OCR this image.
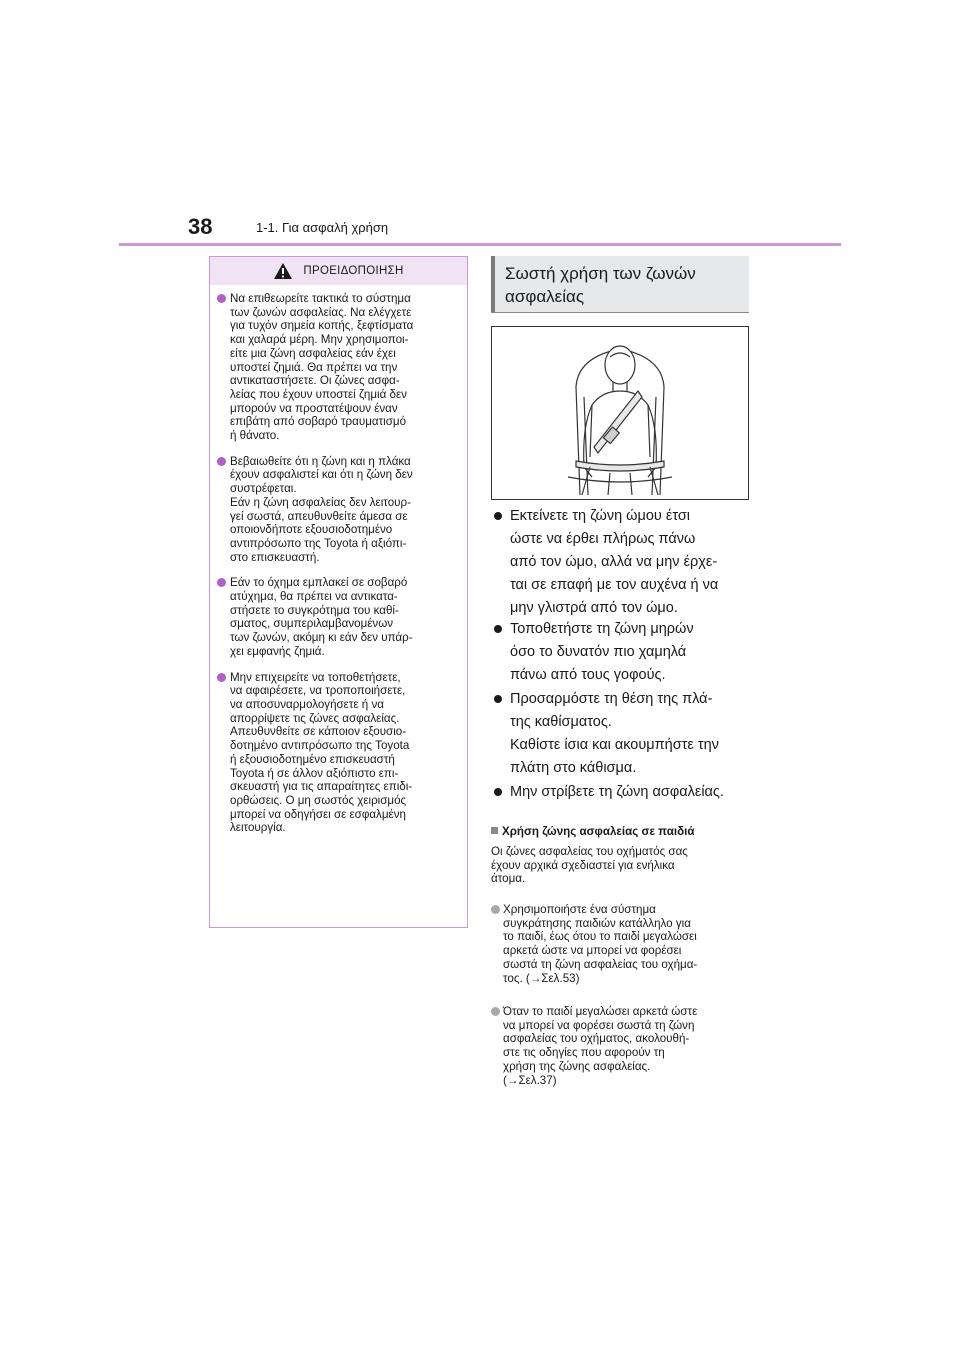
38	1-1. Για ασφαλή χρήση
ΠΡΟΕΙΔΟΠΟΙΗΣΗ
Να επιθεωρείτε τακτικά το σύστημα
των ζωνών ασφαλείας. Να ελέγχετε
για τυχόν σημεία κοπής, ξεφτίσματα
και χαλαρά μέρη. Μην χρησιμοποι-
είτε μια ζώνη ασφαλείας εάν έχει
υποστεί ζημιά. Θα πρέπει να την
αντικαταστήσετε. Οι ζώνες ασφα-
λείας που έχουν υποστεί ζημιά δεν
μπορούν να προστατέψουν έναν
επιβάτη από σοβαρό τραυματισμό
ή θάνατο.
Βεβαιωθείτε ότι η ζώνη και η πλάκα
έχουν ασφαλιστεί και ότι η ζώνη δεν
συστρέφεται.
Εάν η ζώνη ασφαλείας δεν λειτουρ-
γεί σωστά, απευθυνθείτε άμεσα σε
οποιονδήποτε εξουσιοδοτημένο
αντιπρόσωπο της Toyota ή αξιόπι-
στο επισκευαστή.
Εάν το όχημα εμπλακεί σε σοβαρό
ατύχημα, θα πρέπει να αντικατα-
στήσετε το συγκρότημα του καθί-
σματος, συμπεριλαμβανομένων
των ζωνών, ακόμη κι εάν δεν υπάρ-
χει εμφανής ζημιά.
Μην επιχειρείτε να τοποθετήσετε,
να αφαιρέσετε, να τροποποιήσετε,
να αποσυναρμολογήσετε ή να
απορρίψετε τις ζώνες ασφαλείας.
Απευθυνθείτε σε κάποιον εξουσιο-
δοτημένο αντιπρόσωπο της Toyota
ή εξουσιοδοτημένο επισκευαστή
Toyota ή σε άλλον αξιόπιστο επι-
σκευαστή για τις απαραίτητες επιδι-
ορθώσεις. Ο μη σωστός χειρισμός
μπορεί να οδηγήσει σε εσφαλμένη
λειτουργία.
Σωστή χρήση των ζωνών
ασφαλείας
Εκτείνετε τη ζώνη ώμου έτσι
ώστε να έρθει πλήρως πάνω
από τον ώμο, αλλά να μην έρχε-
ται σε επαφή με τον αυχένα ή να
μην γλιστρά από τον ώμο.
Τοποθετήστε τη ζώνη μηρών
όσο το δυνατόν πιο χαμηλά
πάνω από τους γοφούς.
Προσαρμόστε τη θέση της πλά-
της καθίσματος.
Καθίστε ίσια και ακουμπήστε την
πλάτη στο κάθισμα.
Μην στρίβετε τη ζώνη ασφαλείας.
Χρήση ζώνης ασφαλείας σε παιδιά
Οι ζώνες ασφαλείας του οχήματός σας
έχουν αρχικά σχεδιαστεί για ενήλικα
άτομα.
Χρησιμοποιήστε ένα σύστημα
συγκράτησης παιδιών κατάλληλο για
το παιδί, έως ότου το παιδί μεγαλώσει
αρκετά ώστε να μπορεί να φορέσει
σωστά τη ζώνη ασφαλείας του οχήμα-
τος. (→Σελ.53)
Όταν το παιδί μεγαλώσει αρκετά ώστε
να μπορεί να φορέσει σωστά τη ζώνη
ασφαλείας του οχήματος, ακολουθή-
στε τις οδηγίες που αφορούν τη
χρήση της ζώνης ασφαλείας.
(→Σελ.37)
